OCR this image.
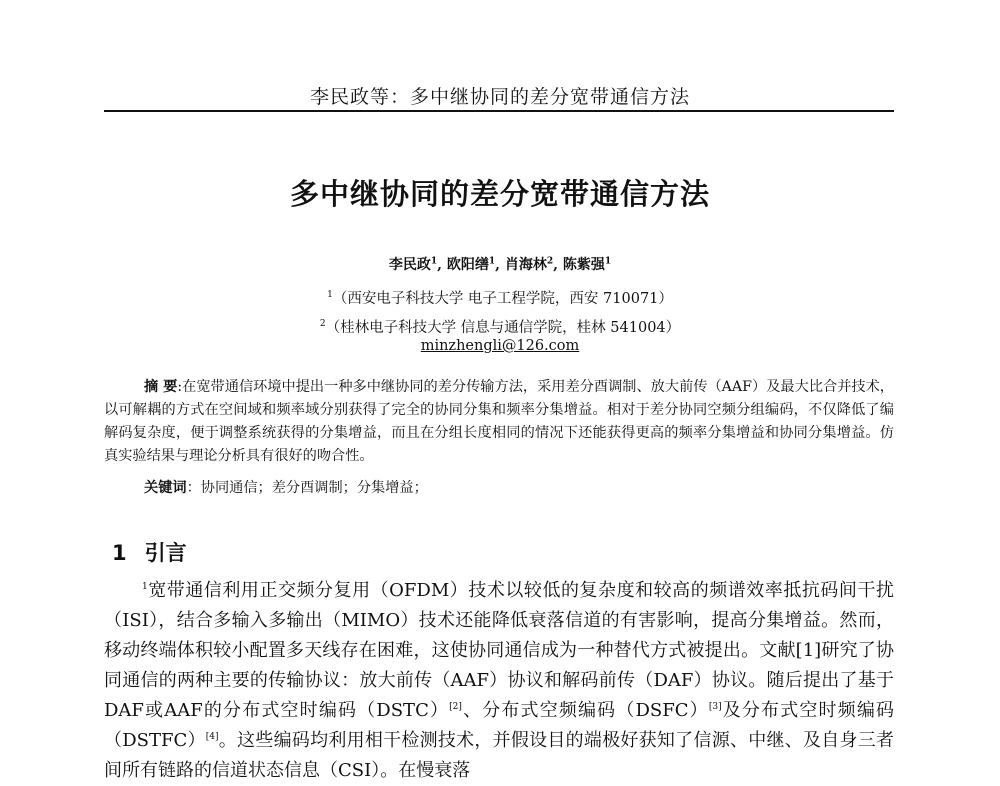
李民政等：多中继协同的差分宽带通信方法
多中继协同的差分宽带通信方法
李民政$^1$, 欧阳缮$^1$, 肖海林$^2$, 陈紫强$^1$
$^1$（西安电子科技大学 电子工程学院，西安 710071）
$^2$（桂林电子科技大学 信息与通信学院，桂林 541004）
minzhengli@126.com
摘 要:在宽带通信环境中提出一种多中继协同的差分传输方法，采用差分酉调制、放大前传（AAF）及最大比合并技术，以可解耦的方式在空间域和频率域分别获得了完全的协同分集和频率分集增益。相对于差分协同空频分组编码，不仅降低了编解码复杂度，便于调整系统获得的分集增益，而且在分组长度相同的情况下还能获得更高的频率分集增益和协同分集增益。仿真实验结果与理论分析具有很好的吻合性。
关键词：协同通信；差分酉调制；分集增益；
1 引言
$^1$宽带通信利用正交频分复用（OFDM）技术以较低的复杂度和较高的频谱效率抵抗码间干扰（ISI），结合多输入多输出（MIMO）技术还能降低衰落信道的有害影响，提高分集增益。然而，移动终端体积较小配置多天线存在困难，这使协同通信成为一种替代方式被提出。文献[1]研究了协同通信的两种主要的传输协议：放大前传（AAF）协议和解码前传（DAF）协议。随后提出了基于DAF或AAF的分布式空时编码（DSTC）[2]、分布式空频编码（DSFC）[3]及分布式空时频编码（DSTFC）[4]。这些编码均利用相干检测技术，并假设目的端极好获知了信源、中继、及自身三者间所有链路的信道状态信息（CSI）。在慢衰落
